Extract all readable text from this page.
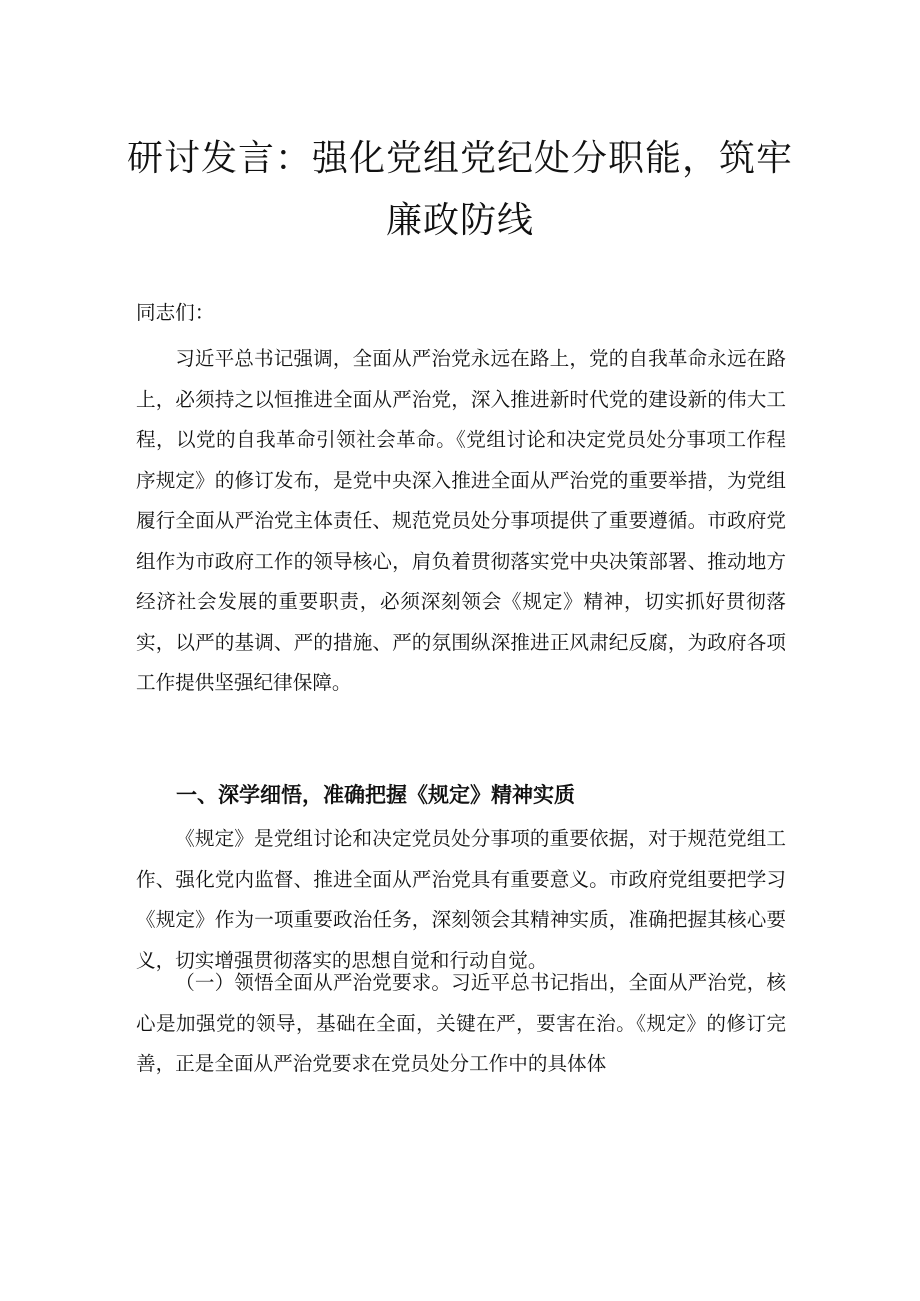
研讨发言：强化党组党纪处分职能，筑牢
廉政防线

同志们：

习近平总书记强调，全面从严治党永远在路上，党的自我革命永远在路上，必须持之以恒推进全面从严治党，深入推进新时代党的建设新的伟大工程，以党的自我革命引领社会革命。《党组讨论和决定党员处分事项工作程序规定》的修订发布，是党中央深入推进全面从严治党的重要举措，为党组履行全面从严治党主体责任、规范党员处分事项提供了重要遵循。市政府党组作为市政府工作的领导核心，肩负着贯彻落实党中央决策部署、推动地方经济社会发展的重要职责，必须深刻领会《规定》精神，切实抓好贯彻落实，以严的基调、严的措施、严的氛围纵深推进正风肃纪反腐，为政府各项工作提供坚强纪律保障。

一、深学细悟，准确把握《规定》精神实质

《规定》是党组讨论和决定党员处分事项的重要依据，对于规范党组工作、强化党内监督、推进全面从严治党具有重要意义。市政府党组要把学习《规定》作为一项重要政治任务，深刻领会其精神实质，准确把握其核心要义，切实增强贯彻落实的思想自觉和行动自觉。

（一）领悟全面从严治党要求。习近平总书记指出，全面从严治党，核心是加强党的领导，基础在全面，关键在严，要害在治。《规定》的修订完善，正是全面从严治党要求在党员处分工作中的具体体
